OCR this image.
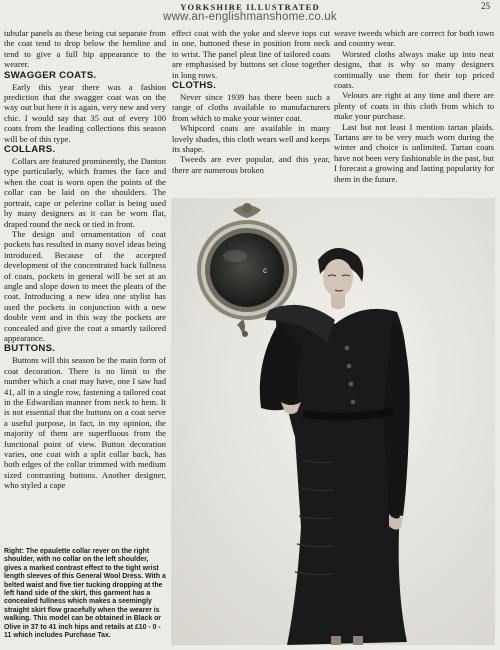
YORKSHIRE ILLUSTRATED	25
www.an-englishmanshome.co.uk

tubular panels as these being cut separate from the coat tend to drop below the hemline and tend to give a full hip appearance to the wearer.

SWAGGER COATS.

Early this year there was a fashion prediction that the swagger coat was on the way out but here it is again, very new and very chic. I would say that 35 out of every 100 coats from the leading collections this season will be of this type.

COLLARS.

Collars are featured prominently, the Danton type particularly, which frames the face and when the coat is worn open the points of the collar can be laid on the shoulders. The portrait, cape or pelerine collar is being used by many designers as it can be worn flat, draped round the neck or tied in front.

The design and ornamentation of coat pockets has resulted in many novel ideas being introduced. Because of the accepted development of the concentrated back fullness of coats, pockets in general will be set at an angle and slope down to meet the pleats of the coat. Introducing a new idea one stylist has used the pockets in conjunction with a new double vent and in this way the pockets are concealed and give the coat a smartly tailored appearance.

BUTTONS.

Buttons will this season be the main form of coat decoration. There is no limit to the number which a coat may have, one I saw had 41, all in a single row, fastening a tailored coat in the Edwardian manner from neck to hem. It is not essential that the buttons on a coat serve a useful purpose, in fact, in my opinion, the majority of them are superfluous from the functional point of view. Button decoration varies, one coat with a split collar back, has both edges of the collar trimmed with medium sized contrasting buttons. Another designer, who styled a cape

Right: The epaulette collar rever on the right shoulder, with no collar on the left shoulder, gives a marked contrast effect to the tight wrist length sleeves of this General Wool Dress. With a belted waist and five tier tucking dropping at the left hand side of the skirt, this garment has a concealed fullness which makes a seemingly straight skirt flow gracefully when the wearer is walking. This model can be obtained in Black or Olive in 37 to 41 inch hips and retails at £10 - 0 - 11 which includes Purchase Tax.

effect coat with the yoke and sleeve tops cut in one, buttoned these in position from neck to wrist. The panel pleat line of tailored coats are emphasised by buttons set close together in long rows.

CLOTHS.

Never since 1939 has there been such a range of cloths available to manufacturers from which to make your winter coat.

Whipcord coats are available in many lovely shades, this cloth wears well and keeps its shape.

Tweeds are ever popular, and this year, there are numerous broken

weave tweeds which are correct for both town and country wear.

Worsted cloths always make up into neat designs, that is why so many designers continually use them for their top priced coats.

Velours are right at any time and there are plenty of coats in this cloth from which to make your purchase.

Last but not least I mention tartan plaids. Tartans are to be very much worn during the winter and choice is unlimited. Tartan coats have not been very fashionable in the past, but I forecast a growing and lasting popularity for them in the future.

c
